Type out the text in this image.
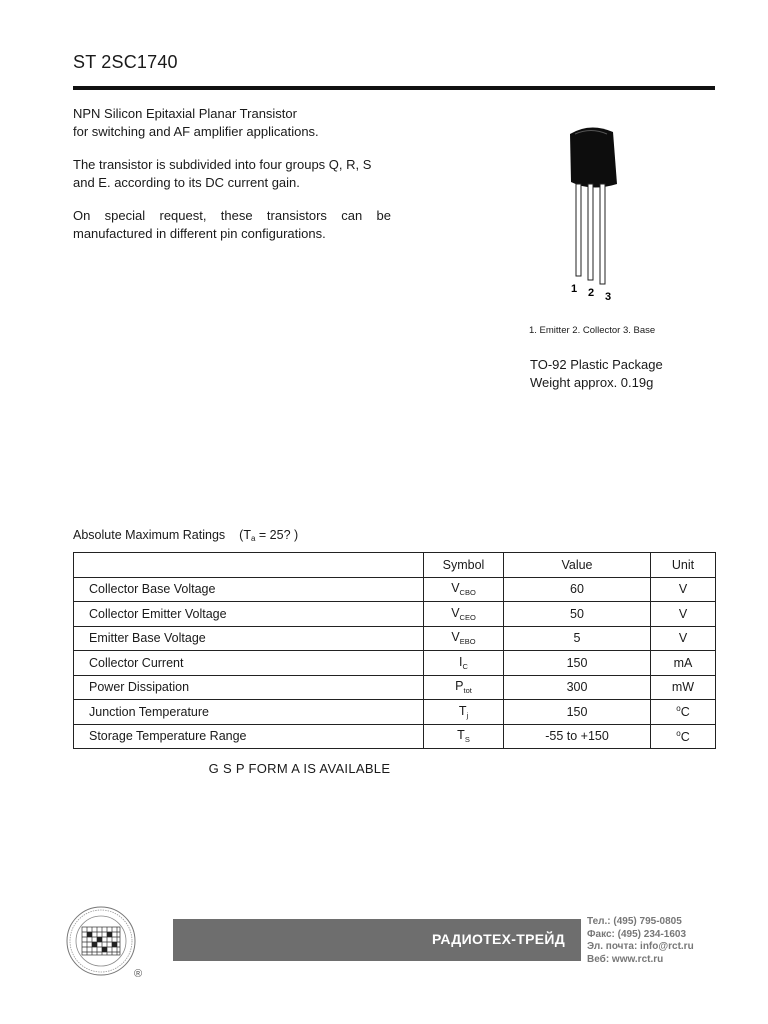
ST 2SC1740
NPN Silicon Epitaxial Planar Transistor
for switching and AF amplifier applications.
The transistor is subdivided into four groups Q, R, S
and E. according to its DC current gain.
On special request, these transistors can be
manufactured in different pin configurations.
1 2 3
1. Emitter 2. Collector 3. Base
TO-92 Plastic Package
Weight approx. 0.19g
Absolute Maximum Ratings ($T_a = 25$? )
	Symbol	Value	Unit
Collector Base Voltage	$V_{CBO}$	60	V
Collector Emitter Voltage	$V_{CEO}$	50	V
Emitter Base Voltage	$V_{EBO}$	5	V
Collector Current	$I_C$	150	mA
Power Dissipation	$P_{tot}$	300	mW
Junction Temperature	$T_j$	150	$^o$C
Storage Temperature Range	$T_S$	-55 to +150	$^o$C
G S P FORM A IS AVAILABLE
®
РАДИОТЕХ-ТРЕЙД
Тел.: (495) 795-0805
Факс: (495) 234-1603
Эл. почта: info@rct.ru
Веб: www.rct.ru
